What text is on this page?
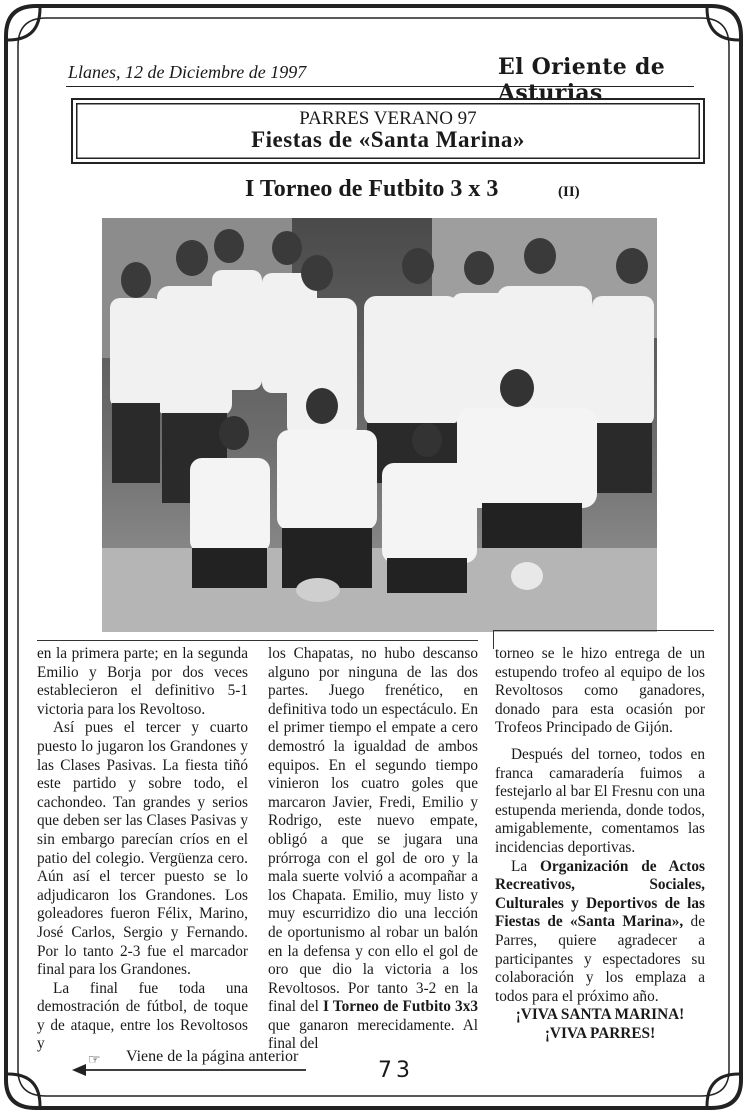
Llanes, 12 de Diciembre de 1997	El Oriente de Asturias
PARRES VERANO 97
Fiestas de «Santa Marina»
I Torneo de Futbito 3 x 3	(II)

en la primera parte; en la segunda Emilio y Borja por dos veces establecieron el definitivo 5-1 victoria para los Revoltoso.

Así pues el tercer y cuarto puesto lo jugaron los Grandones y las Clases Pasivas. La fiesta tiñó este partido y sobre todo, el cachondeo. Tan grandes y serios que deben ser las Clases Pasivas y sin embargo parecían críos en el patio del colegio. Vergüenza cero. Aún así el tercer puesto se lo adjudicaron los Grandones. Los goleadores fueron Félix, Marino, José Carlos, Sergio y Fernando. Por lo tanto 2-3 fue el marcador final para los Grandones.

La final fue toda una demostración de fútbol, de toque y de ataque, entre los Revoltosos y

los Chapatas, no hubo descanso alguno por ninguna de las dos partes. Juego frenético, en definitiva todo un espectáculo. En el primer tiempo el empate a cero demostró la igualdad de ambos equipos. En el segundo tiempo vinieron los cuatro goles que marcaron Javier, Fredi, Emilio y Rodrigo, este nuevo empate, obligó a que se jugara una prórroga con el gol de oro y la mala suerte volvió a acompañar a los Chapata. Emilio, muy listo y muy escurridizo dio una lección de oportunismo al robar un balón en la defensa y con ello el gol de oro que dio la victoria a los Revoltosos. Por tanto 3-2 en la final del I Torneo de Futbito 3x3 que ganaron merecidamente. Al final del

torneo se le hizo entrega de un estupendo trofeo al equipo de los Revoltosos como ganadores, donado para esta ocasión por Trofeos Principado de Gijón.

Después del torneo, todos en franca camaradería fuimos a festejarlo al bar El Fresnu con una estupenda merienda, donde todos, amigablemente, comentamos las incidencias deportivas.

La Organización de Actos Recreativos, Sociales, Culturales y Deportivos de las Fiestas de «Santa Marina», de Parres, quiere agradecer a participantes y espectadores su colaboración y los emplaza a todos para el próximo año.

¡VIVA SANTA MARINA!

¡VIVA PARRES!

☞ Viene de la página anterior
73
